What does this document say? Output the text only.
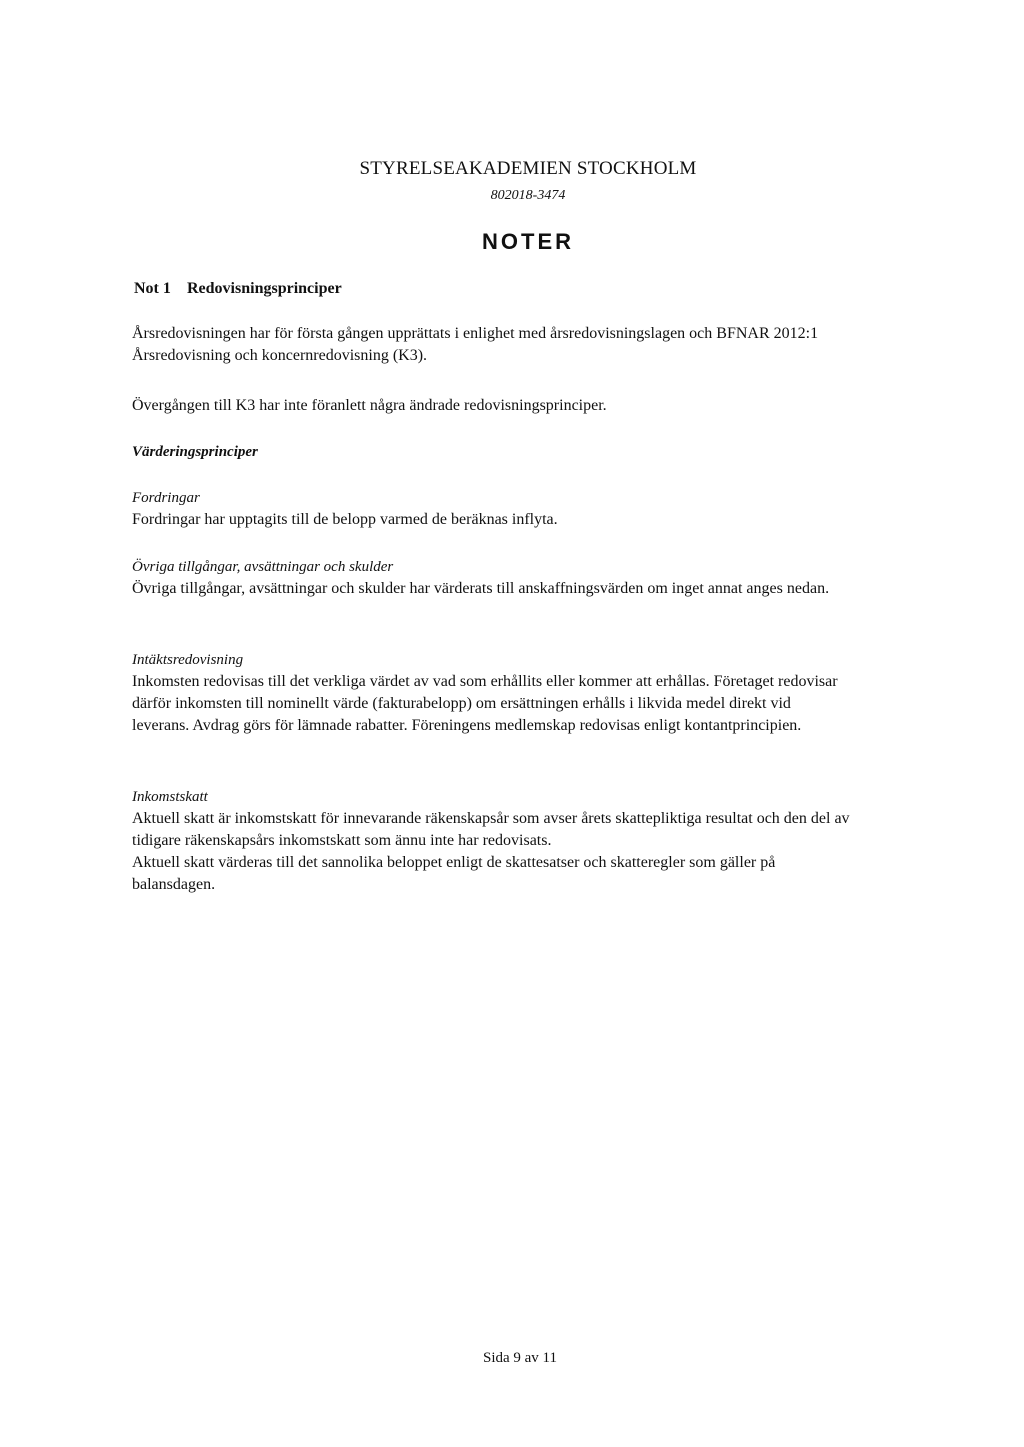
STYRELSEAKADEMIEN STOCKHOLM
802018-3474
NOTER
Not 1 Redovisningsprinciper

Årsredovisningen har för första gången upprättats i enlighet med årsredovisningslagen och BFNAR 2012:1

Årsredovisning och koncernredovisning (K3).

Övergången till K3 har inte föranlett några ändrade redovisningsprinciper.

Värderingsprinciper
Fordringar

Fordringar har upptagits till de belopp varmed de beräknas inflyta.

Övriga tillgångar, avsättningar och skulder

Övriga tillgångar, avsättningar och skulder har värderats till anskaffningsvärden om inget annat anges nedan.

Intäktsredovisning

Inkomsten redovisas till det verkliga värdet av vad som erhållits eller kommer att erhållas. Företaget redovisar

därför inkomsten till nominellt värde (fakturabelopp) om ersättningen erhålls i likvida medel direkt vid

leverans. Avdrag görs för lämnade rabatter. Föreningens medlemskap redovisas enligt kontantprincipien.

Inkomstskatt

Aktuell skatt är inkomstskatt för innevarande räkenskapsår som avser årets skattepliktiga resultat och den del av

tidigare räkenskapsårs inkomstskatt som ännu inte har redovisats.

Aktuell skatt värderas till det sannolika beloppet enligt de skattesatser och skatteregler som gäller på

balansdagen.

Sida 9 av 11
